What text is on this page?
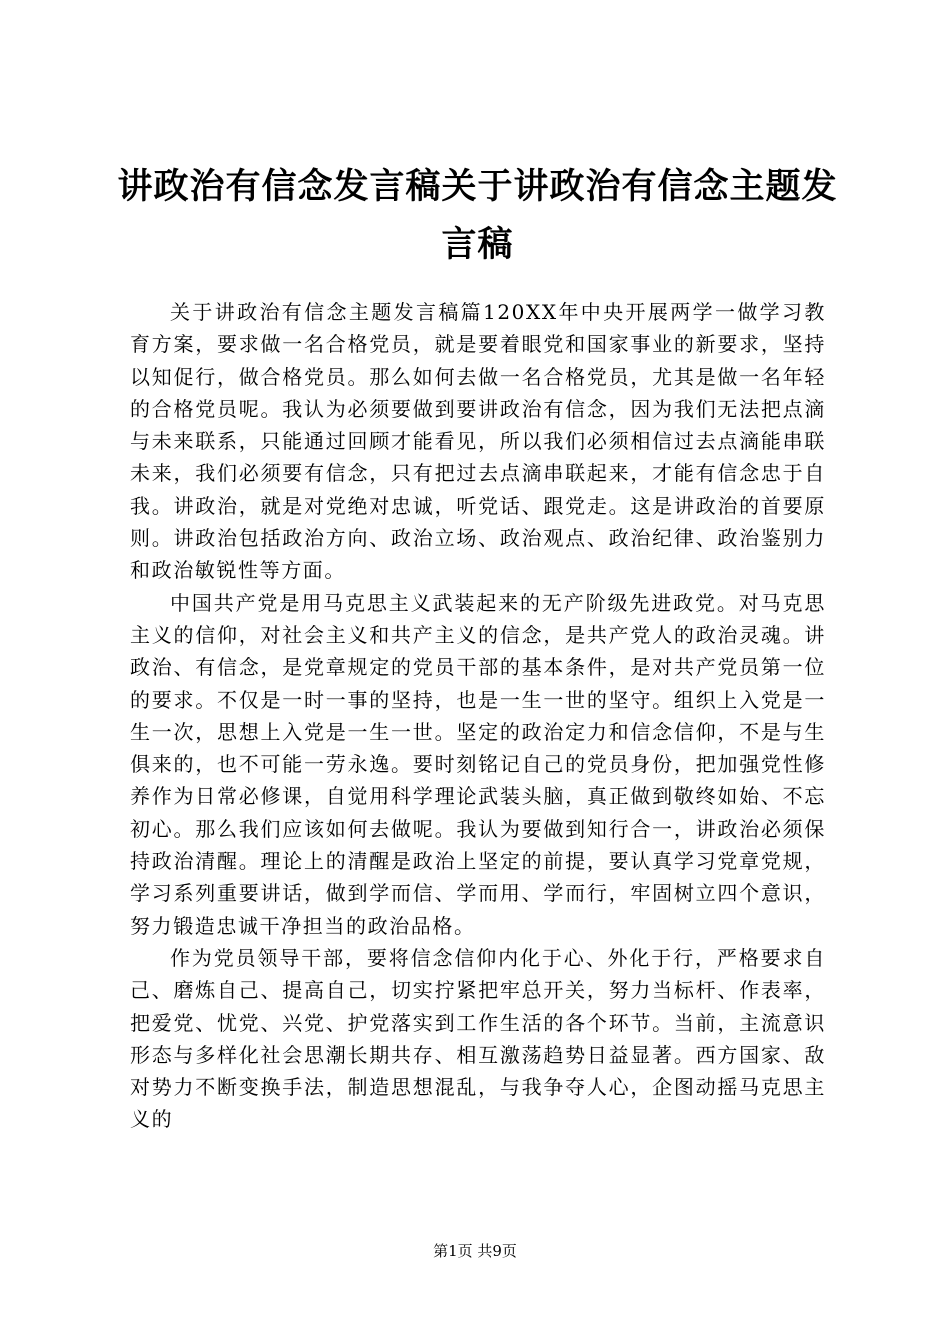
讲政治有信念发言稿关于讲政治有信念主题发言稿

关于讲政治有信念主题发言稿篇120XX年中央开展两学一做学习教育方案，要求做一名合格党员，就是要着眼党和国家事业的新要求，坚持以知促行，做合格党员。那么如何去做一名合格党员，尤其是做一名年轻的合格党员呢。我认为必须要做到要讲政治有信念，因为我们无法把点滴与未来联系，只能通过回顾才能看见，所以我们必须相信过去点滴能串联未来，我们必须要有信念，只有把过去点滴串联起来，才能有信念忠于自我。讲政治，就是对党绝对忠诚，听党话、跟党走。这是讲政治的首要原则。讲政治包括政治方向、政治立场、政治观点、政治纪律、政治鉴别力和政治敏锐性等方面。

中国共产党是用马克思主义武装起来的无产阶级先进政党。对马克思主义的信仰，对社会主义和共产主义的信念，是共产党人的政治灵魂。讲政治、有信念，是党章规定的党员干部的基本条件，是对共产党员第一位的要求。不仅是一时一事的坚持，也是一生一世的坚守。组织上入党是一生一次，思想上入党是一生一世。坚定的政治定力和信念信仰，不是与生俱来的，也不可能一劳永逸。要时刻铭记自己的党员身份，把加强党性修养作为日常必修课，自觉用科学理论武装头脑，真正做到敬终如始、不忘初心。那么我们应该如何去做呢。我认为要做到知行合一，讲政治必须保持政治清醒。理论上的清醒是政治上坚定的前提，要认真学习党章党规，学习系列重要讲话，做到学而信、学而用、学而行，牢固树立四个意识，努力锻造忠诚干净担当的政治品格。

作为党员领导干部，要将信念信仰内化于心、外化于行，严格要求自己、磨炼自己、提高自己，切实拧紧把牢总开关，努力当标杆、作表率，把爱党、忧党、兴党、护党落实到工作生活的各个环节。当前，主流意识形态与多样化社会思潮长期共存、相互激荡趋势日益显著。西方国家、敌对势力不断变换手法，制造思想混乱，与我争夺人心，企图动摇马克思主义的

第1页 共9页
